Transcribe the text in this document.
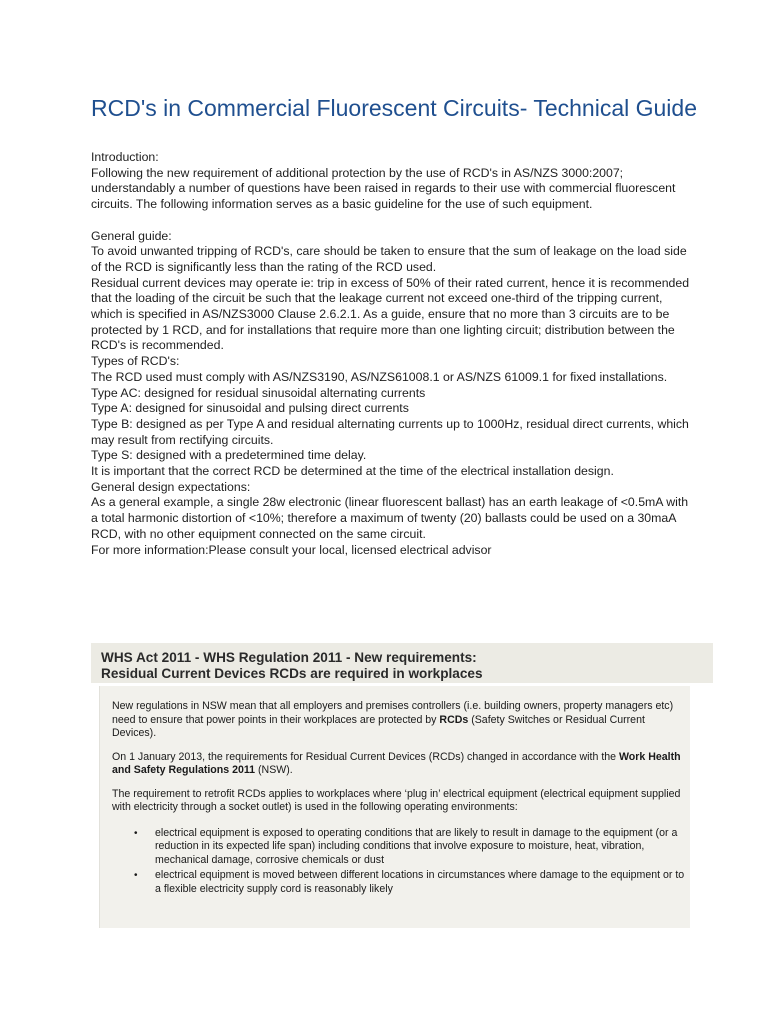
RCD's in Commercial Fluorescent Circuits- Technical Guide

Introduction:

Following the new requirement of additional protection by the use of RCD's in AS/NZS 3000:2007; understandably a number of questions have been raised in regards to their use with commercial fluorescent circuits. The following information serves as a basic guideline for the use of such equipment.

General guide:

To avoid unwanted tripping of RCD's, care should be taken to ensure that the sum of leakage on the load side of the RCD is significantly less than the rating of the RCD used.

Residual current devices may operate ie: trip in excess of 50% of their rated current, hence it is recommended that the loading of the circuit be such that the leakage current not exceed one-third of the tripping current, which is specified in AS/NZS3000 Clause 2.6.2.1. As a guide, ensure that no more than 3 circuits are to be protected by 1 RCD, and for installations that require more than one lighting circuit; distribution between the RCD's is recommended.

Types of RCD's:

The RCD used must comply with AS/NZS3190, AS/NZS61008.1 or AS/NZS 61009.1 for fixed installations.

Type AC: designed for residual sinusoidal alternating currents

Type A: designed for sinusoidal and pulsing direct currents

Type B: designed as per Type A and residual alternating currents up to 1000Hz, residual direct currents, which may result from rectifying circuits.

Type S: designed with a predetermined time delay.

It is important that the correct RCD be determined at the time of the electrical installation design.

General design expectations:

As a general example, a single 28w electronic (linear fluorescent ballast) has an earth leakage of <0.5mA with a total harmonic distortion of <10%; therefore a maximum of twenty (20) ballasts could be used on a 30maA RCD, with no other equipment connected on the same circuit.

For more information:Please consult your local, licensed electrical advisor

WHS Act 2011 - WHS Regulation 2011 - New requirements:
Residual Current Devices RCDs are required in workplaces

New regulations in NSW mean that all employers and premises controllers (i.e. building owners, property managers etc) need to ensure that power points in their workplaces are protected by RCDs (Safety Switches or Residual Current Devices).

On 1 January 2013, the requirements for Residual Current Devices (RCDs) changed in accordance with the Work Health and Safety Regulations 2011 (NSW).

The requirement to retrofit RCDs applies to workplaces where ‘plug in’ electrical equipment (electrical equipment supplied with electricity through a socket outlet) is used in the following operating environments:

• electrical equipment is exposed to operating conditions that are likely to result in damage to the equipment (or a reduction in its expected life span) including conditions that involve exposure to moisture, heat, vibration, mechanical damage, corrosive chemicals or dust
• electrical equipment is moved between different locations in circumstances where damage to the equipment or to a flexible electricity supply cord is reasonably likely
